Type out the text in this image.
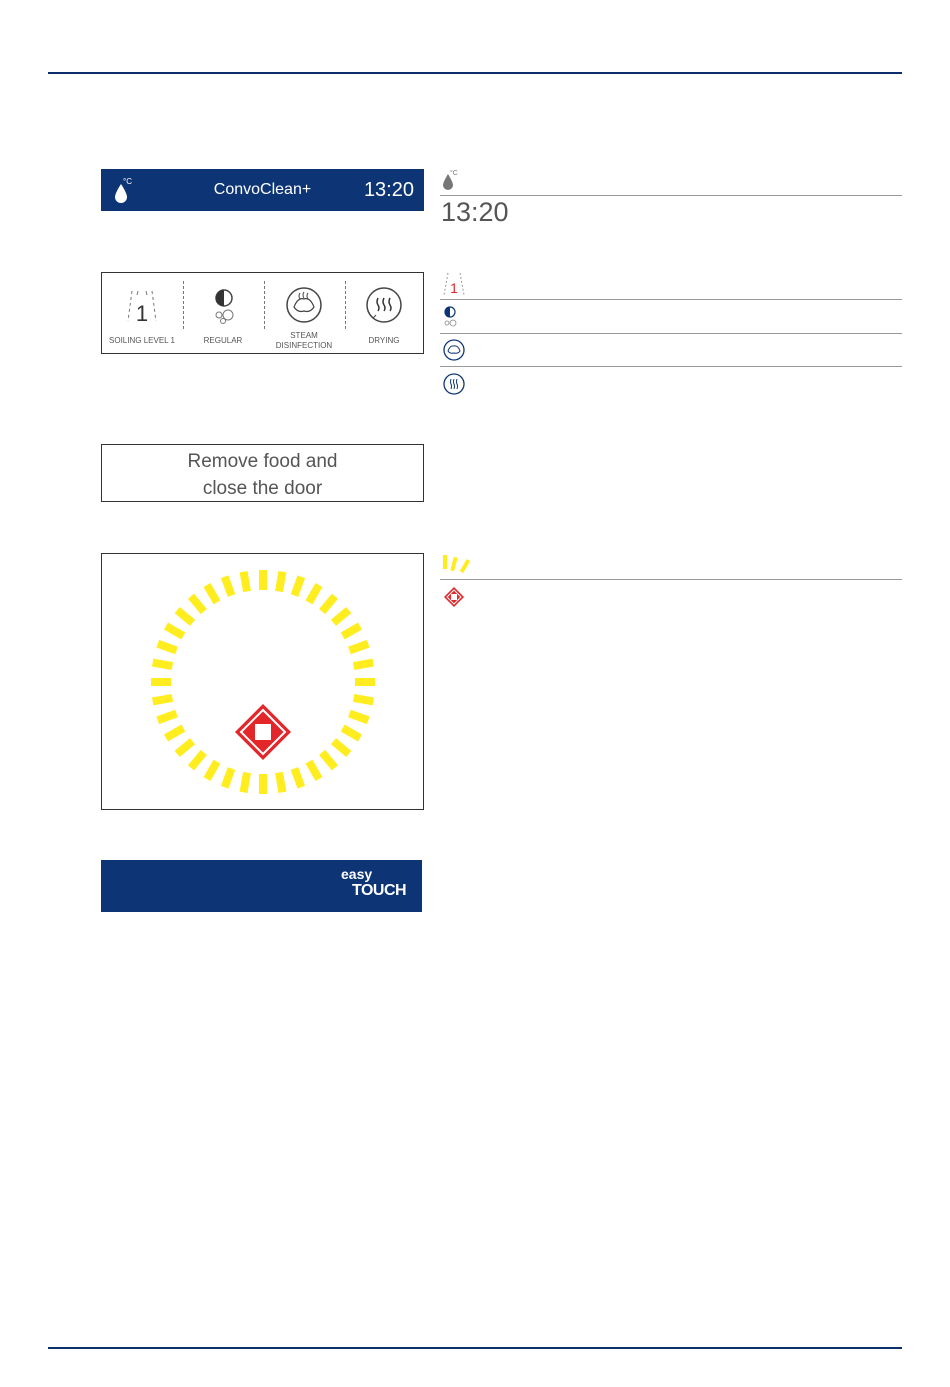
°C	ConvoClean+	13:20
°C
13:20
1
SOILING LEVEL 1	REGULAR
STEAM
DISINFECTION
DRYING
1
Remove food and
close the door
easy
TOUCH
